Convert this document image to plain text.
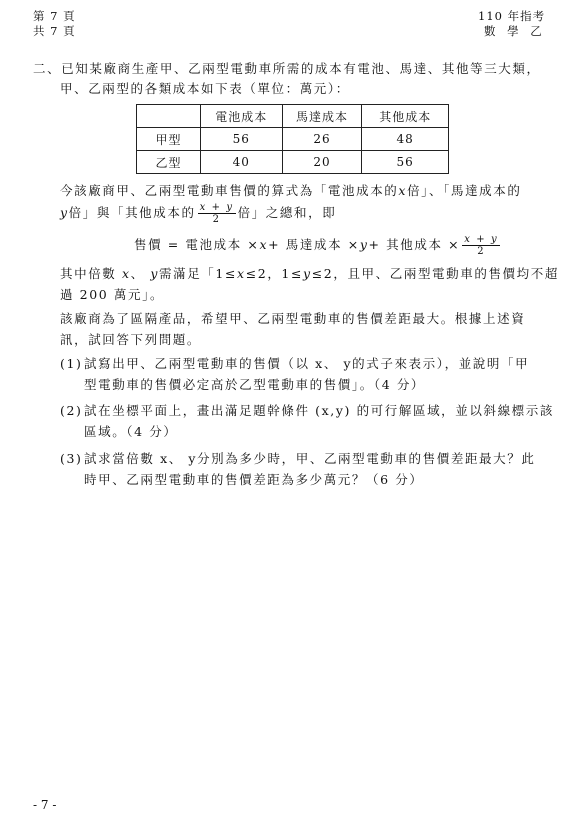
第 7 頁
共 7 頁
110 年指考
數 學 乙
二、已知某廠商生產甲、乙兩型電動車所需的成本有電池、馬達、其他等三大類，
甲、乙兩型的各類成本如下表（單位：萬元）：
	電池成本	馬達成本	其他成本
甲型	56	26	48
乙型	40	20	56
今該廠商甲、乙兩型電動車售價的算式為「電池成本的x倍」、「馬達成本的
y倍」與「其他成本的 $\frac{x + y}{2}$ 倍」之總和，即
售價 = 電池成本 ×x+ 馬達成本 ×y+ 其他成本 × $\frac{x + y}{2}$
其中倍數 x、 y需滿足「1≤x≤2，1≤y≤2，且甲、乙兩型電動車的售價均不超
過 200 萬元」。
該廠商為了區隔產品，希望甲、乙兩型電動車的售價差距最大。根據上述資
訊，試回答下列問題。
(1) 試寫出甲、乙兩型電動車的售價（以 x、 y的式子來表示），並說明「甲
型電動車的售價必定高於乙型電動車的售價」。（4 分）
(2) 試在坐標平面上，畫出滿足題幹條件 (x,y) 的可行解區域，並以斜線標示該
區域。（4 分）
(3) 試求當倍數 x、 y分別為多少時，甲、乙兩型電動車的售價差距最大？此
時甲、乙兩型電動車的售價差距為多少萬元？（6 分）
- 7 -
